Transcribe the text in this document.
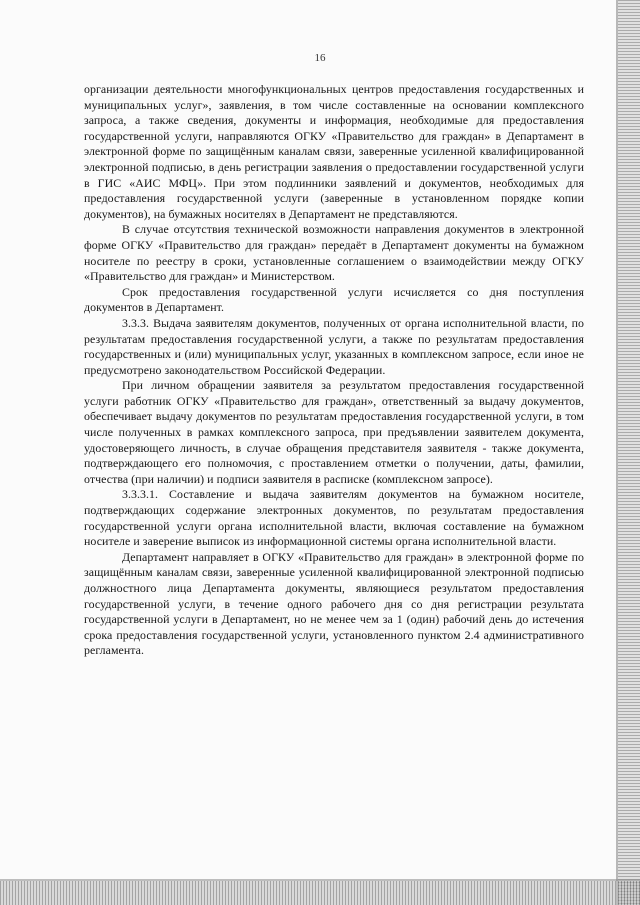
16

организации деятельности многофункциональных центров предоставления государственных и муниципальных услуг», заявления, в том числе составленные на основании комплексного запроса, а также сведения, документы и информация, необходимые для предоставления государственной услуги, направляются ОГКУ «Правительство для граждан» в Департамент в электронной форме по защищённым каналам связи, заверенные усиленной квалифицированной электронной подписью, в день регистрации заявления о предоставлении государственной услуги в ГИС «АИС МФЦ». При этом подлинники заявлений и документов, необходимых для предоставления государственной услуги (заверенные в установленном порядке копии документов), на бумажных носителях в Департамент не представляются.

В случае отсутствия технической возможности направления документов в электронной форме ОГКУ «Правительство для граждан» передаёт в Департамент документы на бумажном носителе по реестру в сроки, установленные соглашением о взаимодействии между ОГКУ «Правительство для граждан» и Министерством.

Срок предоставления государственной услуги исчисляется со дня поступления документов в Департамент.

3.3.3. Выдача заявителям документов, полученных от органа исполнительной власти, по результатам предоставления государственной услуги, а также по результатам предоставления государственных и (или) муниципальных услуг, указанных в комплексном запросе, если иное не предусмотрено законодательством Российской Федерации.

При личном обращении заявителя за результатом предоставления государственной услуги работник ОГКУ «Правительство для граждан», ответственный за выдачу документов, обеспечивает выдачу документов по результатам предоставления государственной услуги, в том числе полученных в рамках комплексного запроса, при предъявлении заявителем документа, удостоверяющего личность, в случае обращения представителя заявителя - также документа, подтверждающего его полномочия, с проставлением отметки о получении, даты, фамилии, отчества (при наличии) и подписи заявителя в расписке (комплексном запросе).

3.3.3.1. Составление и выдача заявителям документов на бумажном носителе, подтверждающих содержание электронных документов, по результатам предоставления государственной услуги органа исполнительной власти, включая составление на бумажном носителе и заверение выписок из информационной системы органа исполнительной власти.

Департамент направляет в ОГКУ «Правительство для граждан» в электронной форме по защищённым каналам связи, заверенные усиленной квалифицированной электронной подписью должностного лица Департамента документы, являющиеся результатом предоставления государственной услуги, в течение одного рабочего дня со дня регистрации результата государственной услуги в Департамент, но не менее чем за 1 (один) рабочий день до истечения срока предоставления государственной услуги, установленного пунктом 2.4 административного регламента.
